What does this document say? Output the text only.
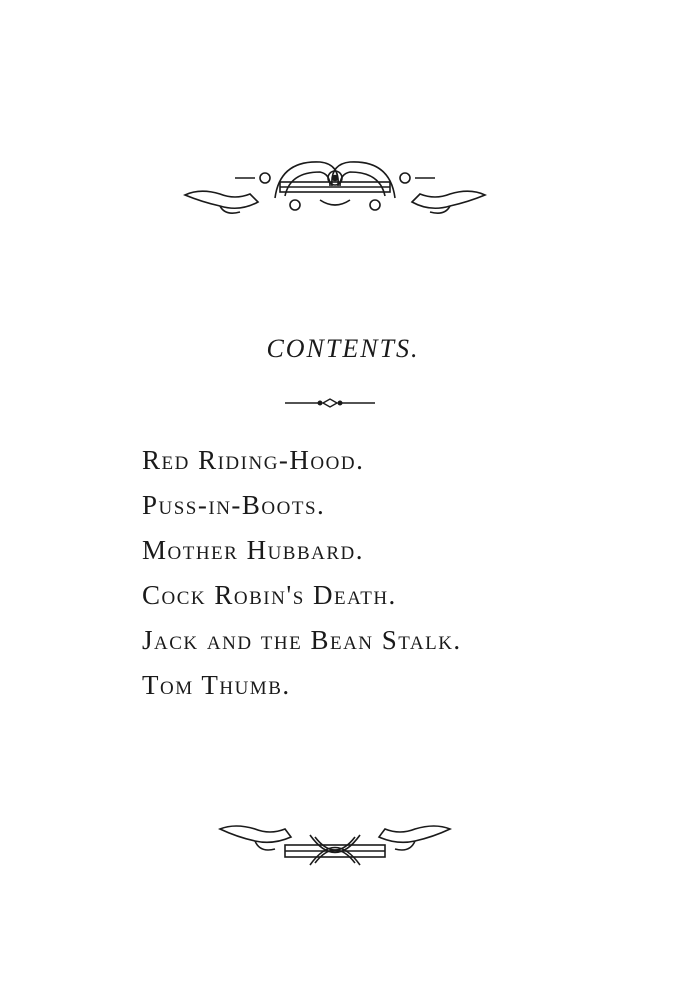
CONTENTS.
Red Riding-Hood.
Puss-in-Boots.
Mother Hubbard.
Cock Robin's Death.
Jack and the Bean Stalk.
Tom Thumb.
